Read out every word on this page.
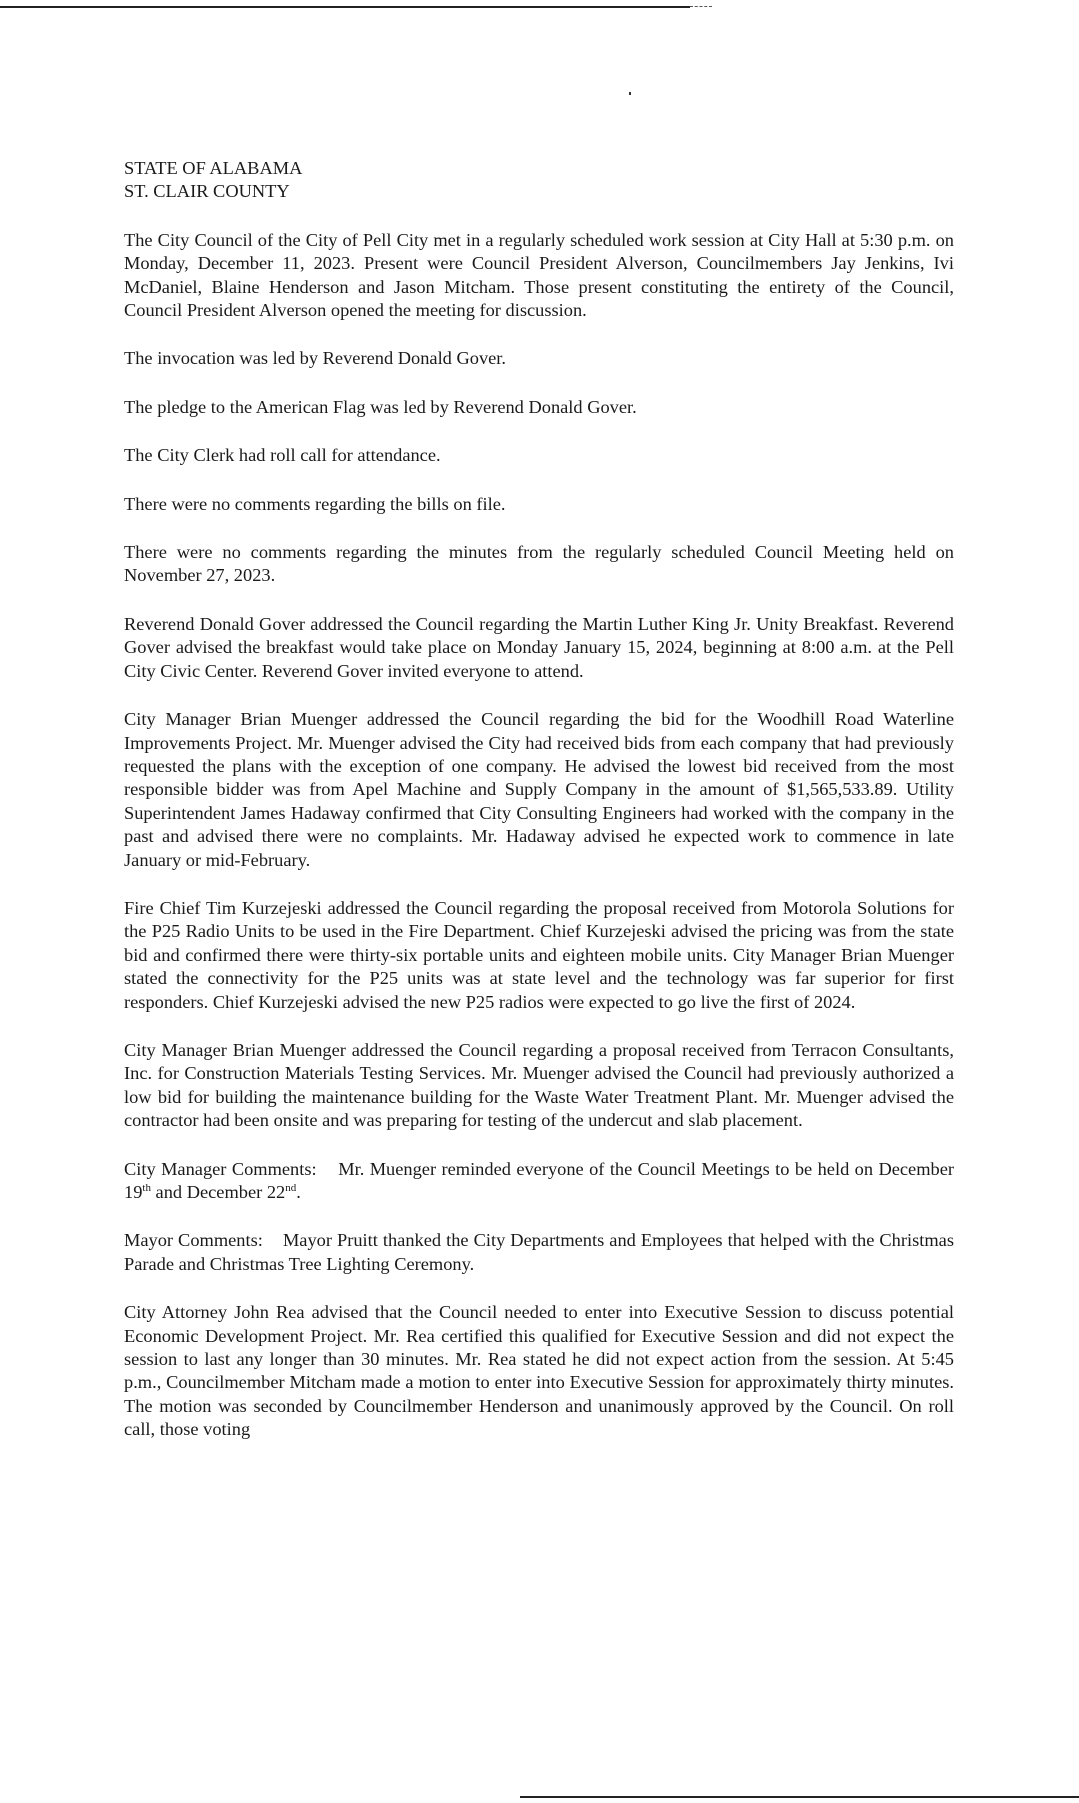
STATE OF ALABAMA

ST. CLAIR COUNTY

The City Council of the City of Pell City met in a regularly scheduled work session at City Hall at 5:30 p.m. on Monday, December 11, 2023. Present were Council President Alverson, Councilmembers Jay Jenkins, Ivi McDaniel, Blaine Henderson and Jason Mitcham. Those present constituting the entirety of the Council, Council President Alverson opened the meeting for discussion.

The invocation was led by Reverend Donald Gover.

The pledge to the American Flag was led by Reverend Donald Gover.

The City Clerk had roll call for attendance.

There were no comments regarding the bills on file.

There were no comments regarding the minutes from the regularly scheduled Council Meeting held on November 27, 2023.

Reverend Donald Gover addressed the Council regarding the Martin Luther King Jr. Unity Breakfast. Reverend Gover advised the breakfast would take place on Monday January 15, 2024, beginning at 8:00 a.m. at the Pell City Civic Center. Reverend Gover invited everyone to attend.

City Manager Brian Muenger addressed the Council regarding the bid for the Woodhill Road Waterline Improvements Project. Mr. Muenger advised the City had received bids from each company that had previously requested the plans with the exception of one company. He advised the lowest bid received from the most responsible bidder was from Apel Machine and Supply Company in the amount of $1,565,533.89. Utility Superintendent James Hadaway confirmed that City Consulting Engineers had worked with the company in the past and advised there were no complaints. Mr. Hadaway advised he expected work to commence in late January or mid-February.

Fire Chief Tim Kurzejeski addressed the Council regarding the proposal received from Motorola Solutions for the P25 Radio Units to be used in the Fire Department. Chief Kurzejeski advised the pricing was from the state bid and confirmed there were thirty-six portable units and eighteen mobile units. City Manager Brian Muenger stated the connectivity for the P25 units was at state level and the technology was far superior for first responders. Chief Kurzejeski advised the new P25 radios were expected to go live the first of 2024.

City Manager Brian Muenger addressed the Council regarding a proposal received from Terracon Consultants, Inc. for Construction Materials Testing Services. Mr. Muenger advised the Council had previously authorized a low bid for building the maintenance building for the Waste Water Treatment Plant. Mr. Muenger advised the contractor had been onsite and was preparing for testing of the undercut and slab placement.

City Manager Comments: Mr. Muenger reminded everyone of the Council Meetings to be held on December 19th and December 22nd.

Mayor Comments: Mayor Pruitt thanked the City Departments and Employees that helped with the Christmas Parade and Christmas Tree Lighting Ceremony.

City Attorney John Rea advised that the Council needed to enter into Executive Session to discuss potential Economic Development Project. Mr. Rea certified this qualified for Executive Session and did not expect the session to last any longer than 30 minutes. Mr. Rea stated he did not expect action from the session. At 5:45 p.m., Councilmember Mitcham made a motion to enter into Executive Session for approximately thirty minutes. The motion was seconded by Councilmember Henderson and unanimously approved by the Council. On roll call, those voting
